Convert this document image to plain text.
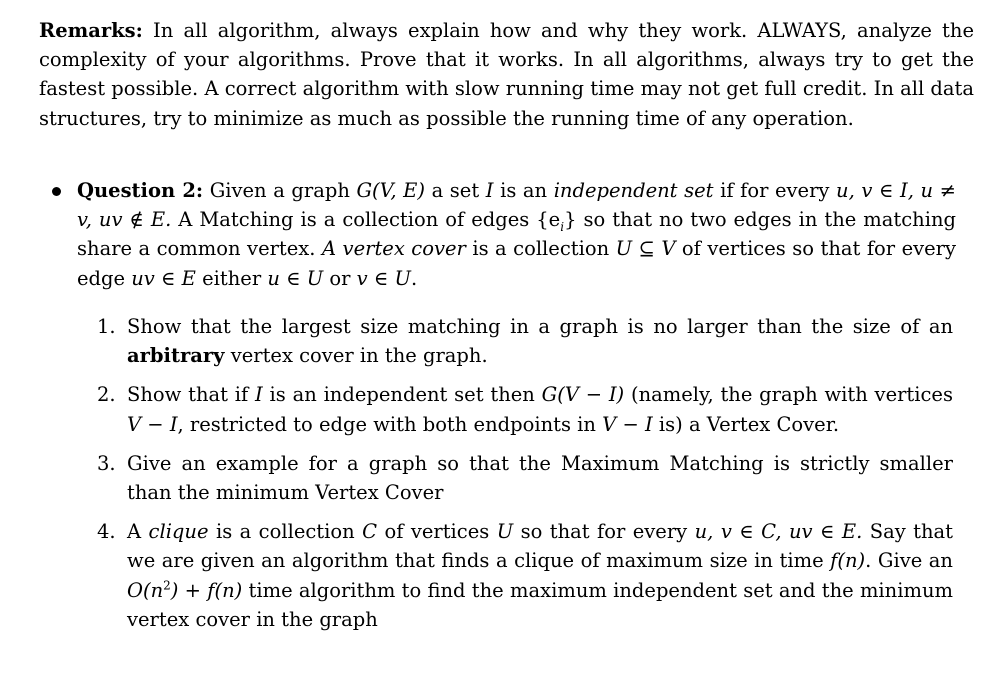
Remarks: In all algorithm, always explain how and why they work. ALWAYS, analyze the complexity of your algorithms. Prove that it works. In all algorithms, always try to get the fastest possible. A correct algorithm with slow running time may not get full credit. In all data structures, try to minimize as much as possible the running time of any operation.

Question 2: Given a graph G(V, E) a set I is an independent set if for every u, v ∈ I, u ≠ v, uv ∉ E. A Matching is a collection of edges $\{e_i\}$ so that no two edges in the matching share a common vertex. A vertex cover is a collection U ⊆ V of vertices so that for every edge uv ∈ E either u ∈ U or v ∈ U.

1. Show that the largest size matching in a graph is no larger than the size of an arbitrary vertex cover in the graph.
2. Show that if I is an independent set then G(V − I) (namely, the graph with vertices V − I, restricted to edge with both endpoints in V − I is) a Vertex Cover.
3. Give an example for a graph so that the Maximum Matching is strictly smaller than the minimum Vertex Cover
4. A clique is a collection C of vertices U so that for every u, v ∈ C, uv ∈ E. Say that we are given an algorithm that finds a clique of maximum size in time f(n). Give an $O(n^2) + f(n)$ time algorithm to find the maximum independent set and the minimum vertex cover in the graph
